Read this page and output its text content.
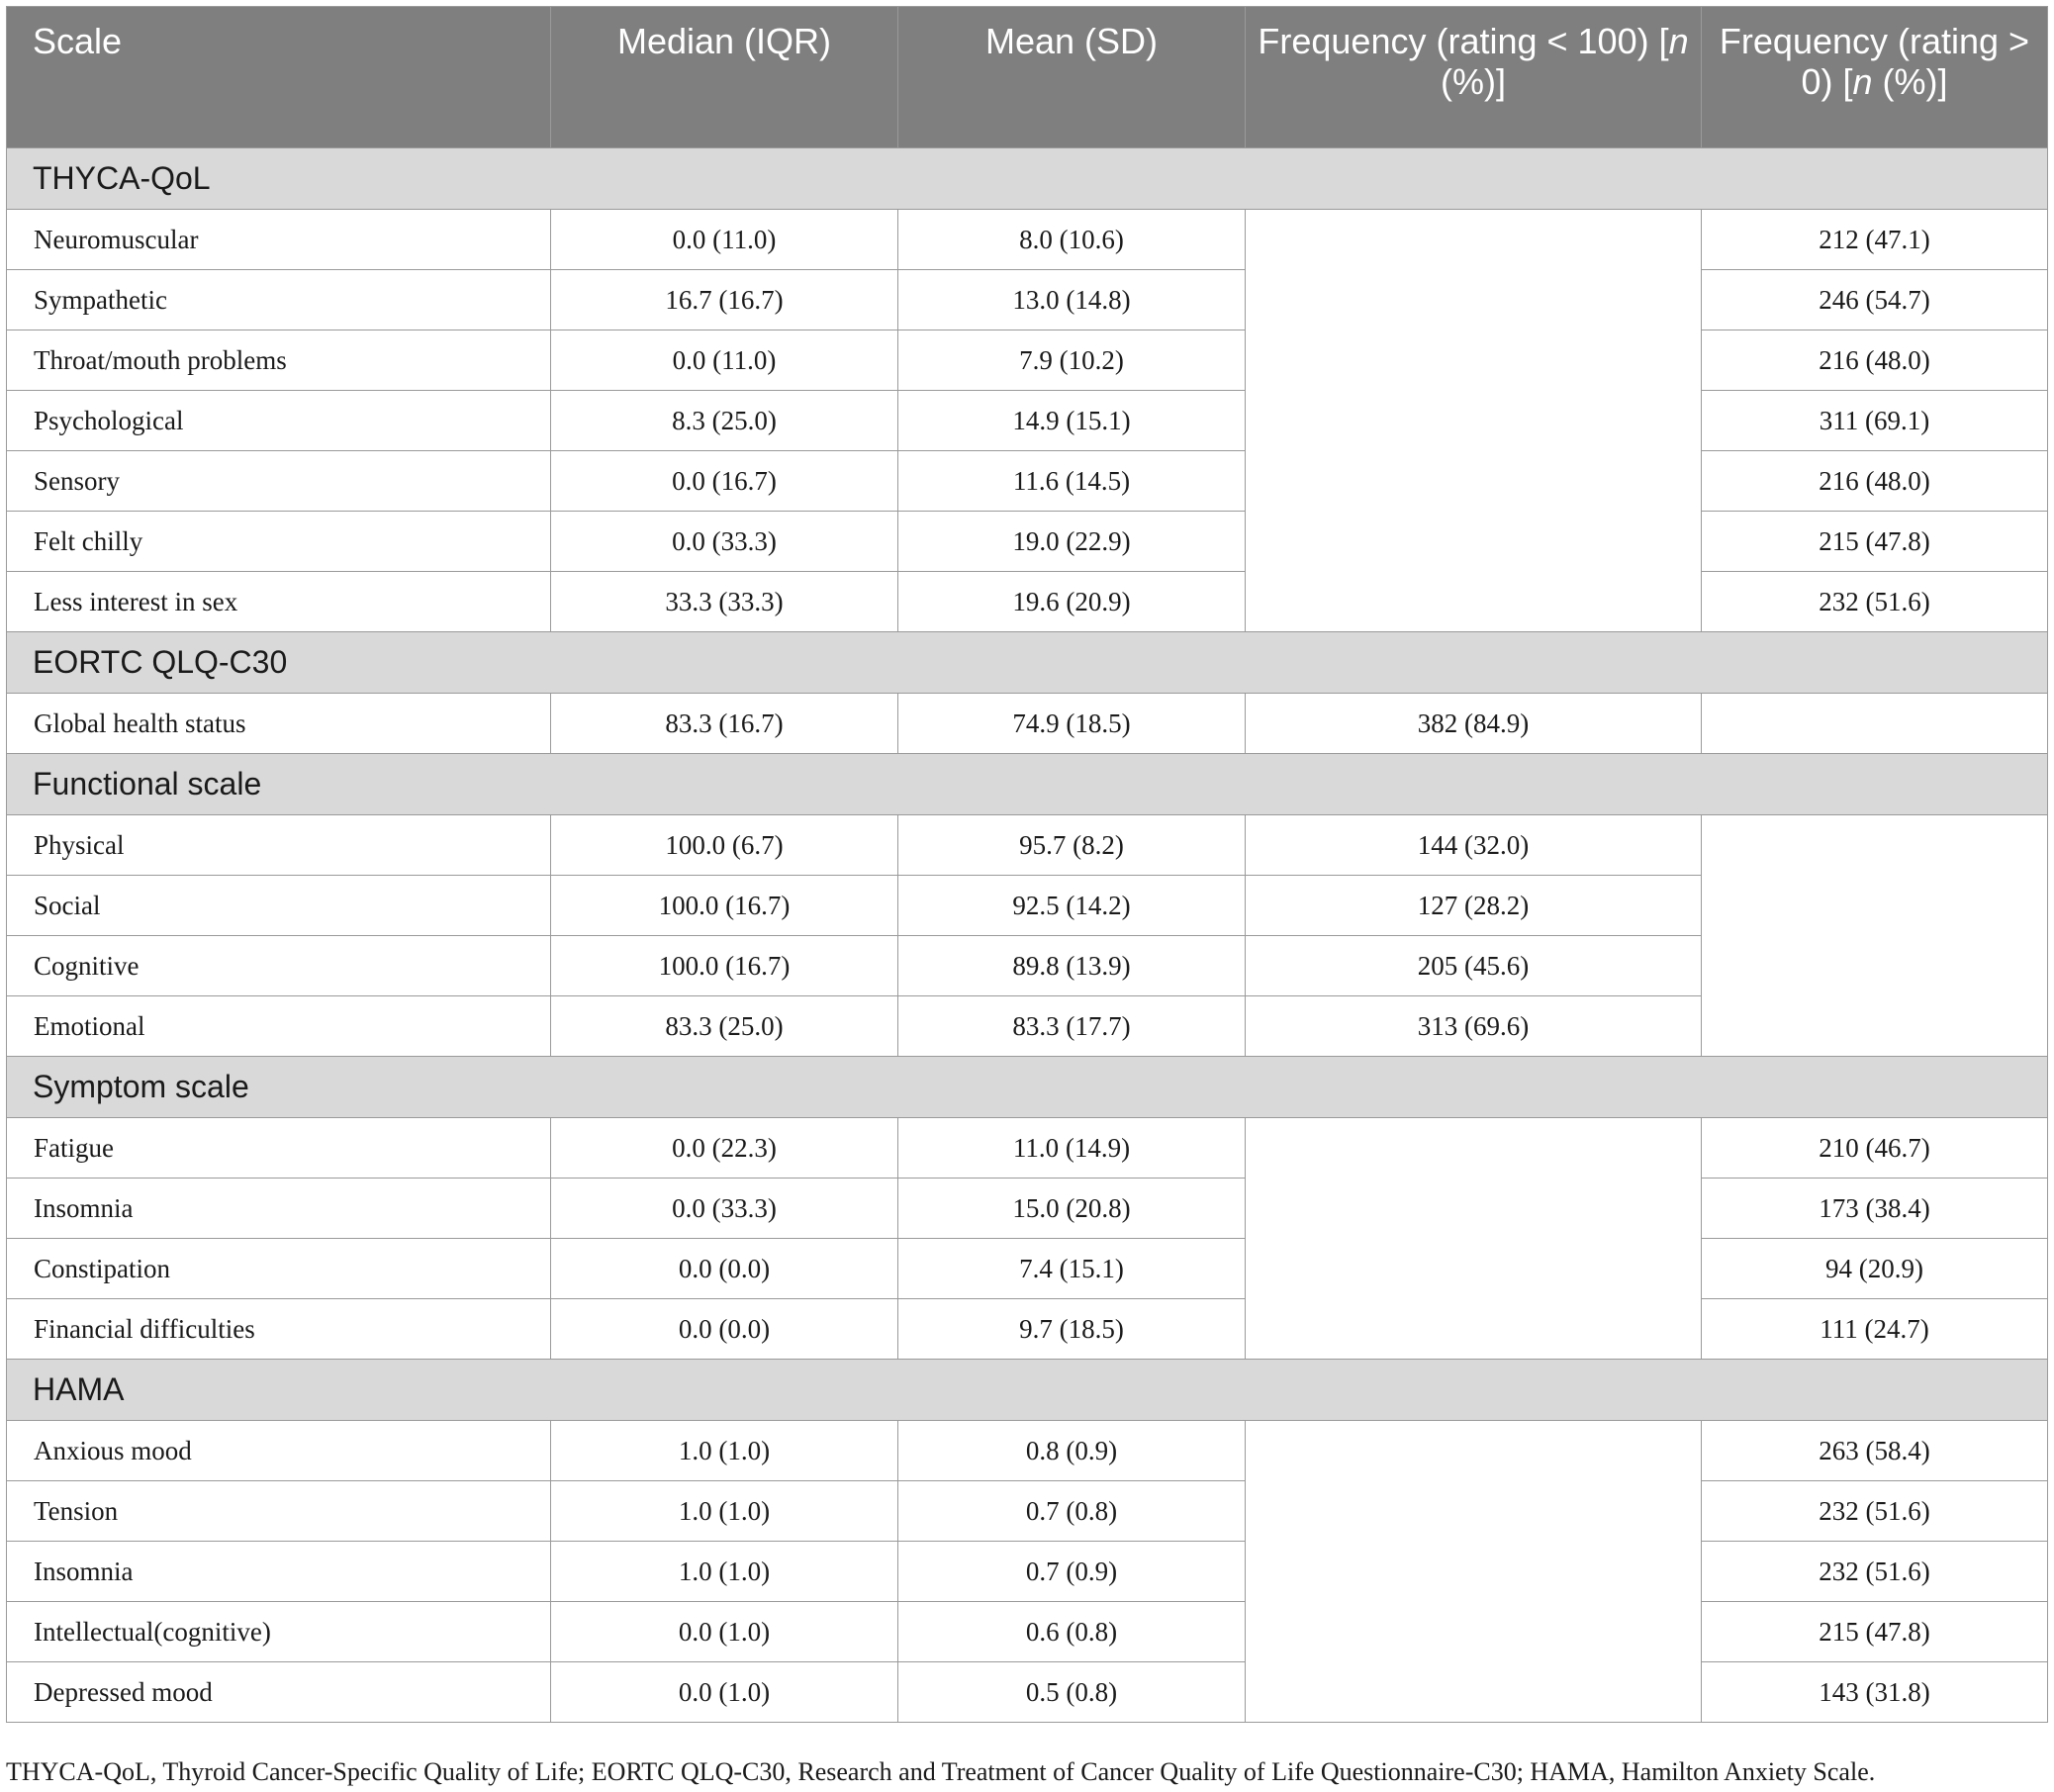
Scale	Median (IQR)	Mean (SD)	Frequency (rating < 100) [n (%)]	Frequency (rating > 0) [n (%)]
THYCA-QoL				
Neuromuscular	0.0 (11.0)	8.0 (10.6)		212 (47.1)
Sympathetic	16.7 (16.7)	13.0 (14.8)		246 (54.7)
Throat/mouth problems	0.0 (11.0)	7.9 (10.2)		216 (48.0)
Psychological	8.3 (25.0)	14.9 (15.1)		311 (69.1)
Sensory	0.0 (16.7)	11.6 (14.5)		216 (48.0)
Felt chilly	0.0 (33.3)	19.0 (22.9)		215 (47.8)
Less interest in sex	33.3 (33.3)	19.6 (20.9)		232 (51.6)
EORTC QLQ-C30				
Global health status	83.3 (16.7)	74.9 (18.5)	382 (84.9)	
Functional scale				
Physical	100.0 (6.7)	95.7 (8.2)	144 (32.0)	
Social	100.0 (16.7)	92.5 (14.2)	127 (28.2)	
Cognitive	100.0 (16.7)	89.8 (13.9)	205 (45.6)	
Emotional	83.3 (25.0)	83.3 (17.7)	313 (69.6)	
Symptom scale				
Fatigue	0.0 (22.3)	11.0 (14.9)		210 (46.7)
Insomnia	0.0 (33.3)	15.0 (20.8)		173 (38.4)
Constipation	0.0 (0.0)	7.4 (15.1)		94 (20.9)
Financial difficulties	0.0 (0.0)	9.7 (18.5)		111 (24.7)
HAMA				
Anxious mood	1.0 (1.0)	0.8 (0.9)		263 (58.4)
Tension	1.0 (1.0)	0.7 (0.8)		232 (51.6)
Insomnia	1.0 (1.0)	0.7 (0.9)		232 (51.6)
Intellectual(cognitive)	0.0 (1.0)	0.6 (0.8)		215 (47.8)
Depressed mood	0.0 (1.0)	0.5 (0.8)		143 (31.8)
THYCA-QoL, Thyroid Cancer-Specific Quality of Life; EORTC QLQ-C30, Research and Treatment of Cancer Quality of Life Questionnaire-C30; HAMA, Hamilton Anxiety Scale.
